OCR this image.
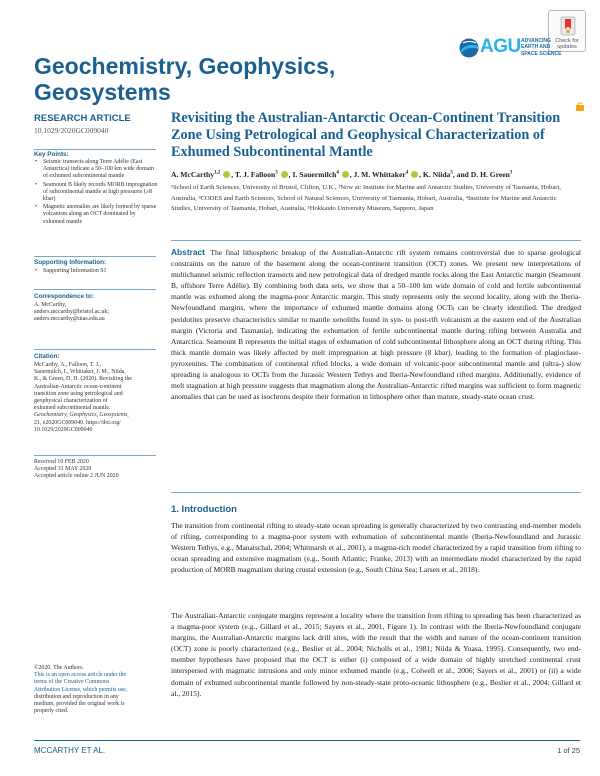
Check for
updates
AGU ADVANCING
EARTH AND
SPACE SCIENCE
Geochemistry, Geophysics, Geosystems
RESEARCH ARTICLE
10.1029/2020GC009040
Key Points:
• Seismic transects along Terre Adélie (East Antarctica) indicate a 50–100 km wide domain of exhumed subcontinental mantle
• Seamount B likely records MORB impregnation of subcontinental mantle at high pressures (≥8 kbar)
• Magnetic anomalies are likely formed by sparse volcanism along an OCT dominated by exhumed mantle
Supporting Information:
• Supporting Information S1
Correspondence to:
A. McCarthy,
anders.mccarthy@bristol.ac.uk;
anders.mccarthy@utas.edu.au
Citation:
McCarthy, A., Falloon, T. J.,
Sauermilch, I., Whittaker, J. M., Niida,
K., & Green, D. H. (2020). Revisiting the
Australian-Antarctic ocean-continent
transition zone using petrological and
geophysical characterization of
exhumed subcontinental mantle.
Geochemistry, Geophysics, Geosystems,
21, e2020GC009040. https://doi.org/
10.1029/2020GC009040
Received 10 FEB 2020
Accepted 31 MAY 2020
Accepted article online 2 JUN 2020
Revisiting the Australian-Antarctic Ocean-Continent Transition Zone Using Petrological and Geophysical Characterization of Exhumed Subcontinental Mantle
A. McCarthy$^{1,2}$ , T. J. Falloon$^3$ , I. Sauermilch$^4$ , J. M. Whittaker$^4$ , K. Niida$^5$, and D. H. Green$^3$
¹School of Earth Sciences, University of Bristol, Clifton, U.K., ²Now at: Institute for Marine and Antarctic Studies, University of Tasmania, Hobart, Australia, ³CODES and Earth Sciences, School of Natural Sciences, University of Tasmania, Hobart, Australia, ⁴Institute for Marine and Antarctic Studies, University of Tasmania, Hobart, Australia, ⁵Hokkaido University Museum, Sapporo, Japan
Abstract The final lithospheric breakup of the Australian-Antarctic rift system remains controversial due to sparse geological constraints on the nature of the basement along the ocean-continent transition (OCT) zones. We present new interpretations of multichannel seismic reflection transects and new petrological data of dredged mantle rocks along the East Antarctic margin (Seamount B, offshore Terre Adélie). By combining both data sets, we show that a 50–100 km wide domain of cold and fertile subcontinental mantle was exhumed along the magma-poor Antarctic margin. This study represents only the second locality, along with the Iberia-Newfoundland margins, where the importance of exhumed mantle domains along OCTs can be clearly identified. The dredged peridotites preserve characteristics similar to mantle xenoliths found in syn- to post-rift volcanism at the eastern end of the Australian margin (Victoria and Tasmania), indicating the exhumation of fertile subcontinental mantle during rifting between Australia and Antarctica. Seamount B represents the initial stages of exhumation of cold subcontinental lithosphere along an OCT during rifting. This thick mantle domain was likely affected by melt impregnation at high pressure (8 kbar), leading to the formation of plagioclase-pyroxenites. The combination of continental rifted blocks, a wide domain of volcanic-poor subcontinental mantle and (ultra-) slow spreading is analogous to OCTs from the Jurassic Western Tethys and Iberia-Newfoundland rifted margins. Additionally, evidence of melt stagnation at high pressure suggests that magmatism along the Australian-Antarctic rifted margins was sufficient to form magnetic anomalies that can be used as isochrons despite their formation in lithosphere other than mature, steady-state ocean crust.
1. Introduction
The transition from continental rifting to steady-state ocean spreading is generally characterized by two contrasting end-member models of rifting, corresponding to a magma-poor system with exhumation of subcontinental mantle (Iberia-Newfoundland and Jurassic Western Tethys, e.g., Manatschal, 2004; Whitmarsh et al., 2001), a magma-rich model characterized by a rapid transition from rifting to ocean spreading and extensive magmatism (e.g., South Atlantic; Franke, 2013) with an intermediate model characterized by the rapid production of MORB magmatism during crustal extension (e.g., South China Sea; Larsen et al., 2018).
The Australian-Antarctic conjugate margins represent a locality where the transition from rifting to spreading has been characterized as a magma-poor system (e.g., Gillard et al., 2015; Sayers et al., 2001, Figure 1). In contrast with the Iberia-Newfoundland conjugate margins, the Australian-Antarctic margins lack drill sites, with the result that the width and nature of the ocean-continent transition (OCT) zone is poorly characterized (e.g., Beslier et al., 2004; Nicholls et al., 1981; Niida & Yuasa, 1995). Consequently, two end-member hypotheses have proposed that the OCT is either (i) composed of a wide domain of highly stretched continental crust interspersed with magmatic intrusions and only minor exhumed mantle (e.g., Colwell et al., 2006; Sayers et al., 2001) or (ii) a wide domain of exhumed subcontinental mantle followed by non-steady-state proto-oceanic lithosphere (e.g., Beslier et al., 2004; Gillard et al., 2015).
©2020. The Authors.
This is an open access article under the
terms of the Creative Commons
Attribution License, which permits use,
distribution and reproduction in any
medium, provided the original work is
properly cited.
MCCARTHY ET AL.	1 of 25
